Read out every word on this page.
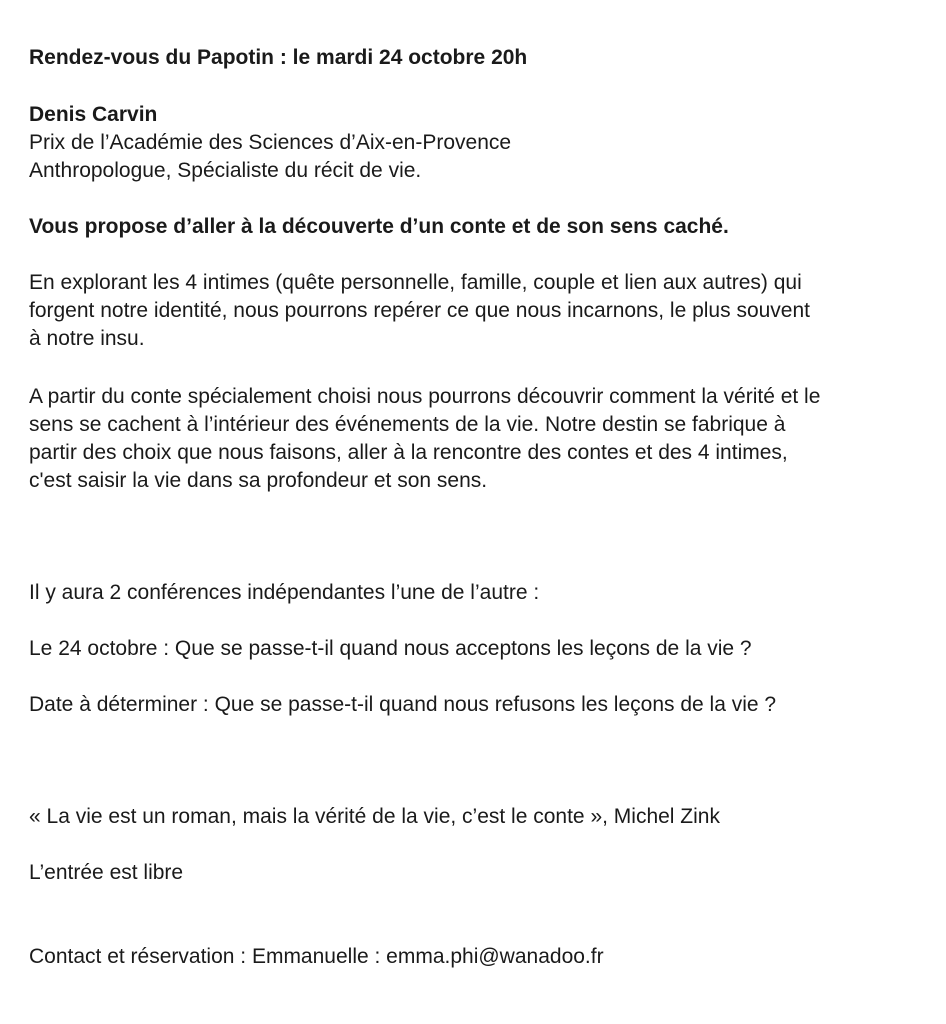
Rendez-vous du Papotin : le mardi 24 octobre 20h

Denis Carvin
Prix de l’Académie des Sciences d’Aix-en-Provence
Anthropologue, Spécialiste du récit de vie.

Vous propose d’aller à la découverte d’un conte et de son sens caché.

En explorant les 4 intimes (quête personnelle, famille, couple et lien aux autres) qui
forgent notre identité, nous pourrons repérer ce que nous incarnons, le plus souvent
à notre insu.
A partir du conte spécialement choisi nous pourrons découvrir comment la vérité et le
sens se cachent à l’intérieur des événements de la vie. Notre destin se fabrique à
partir des choix que nous faisons, aller à la rencontre des contes et des 4 intimes,
c'est saisir la vie dans sa profondeur et son sens.

Il y aura 2 conférences indépendantes l’une de l’autre :

Le 24 octobre : Que se passe-t-il quand nous acceptons les leçons de la vie ?

Date à déterminer : Que se passe-t-il quand nous refusons les leçons de la vie ?

« La vie est un roman, mais la vérité de la vie, c’est le conte », Michel Zink

L’entrée est libre

Contact et réservation : Emmanuelle : emma.phi@wanadoo.fr
